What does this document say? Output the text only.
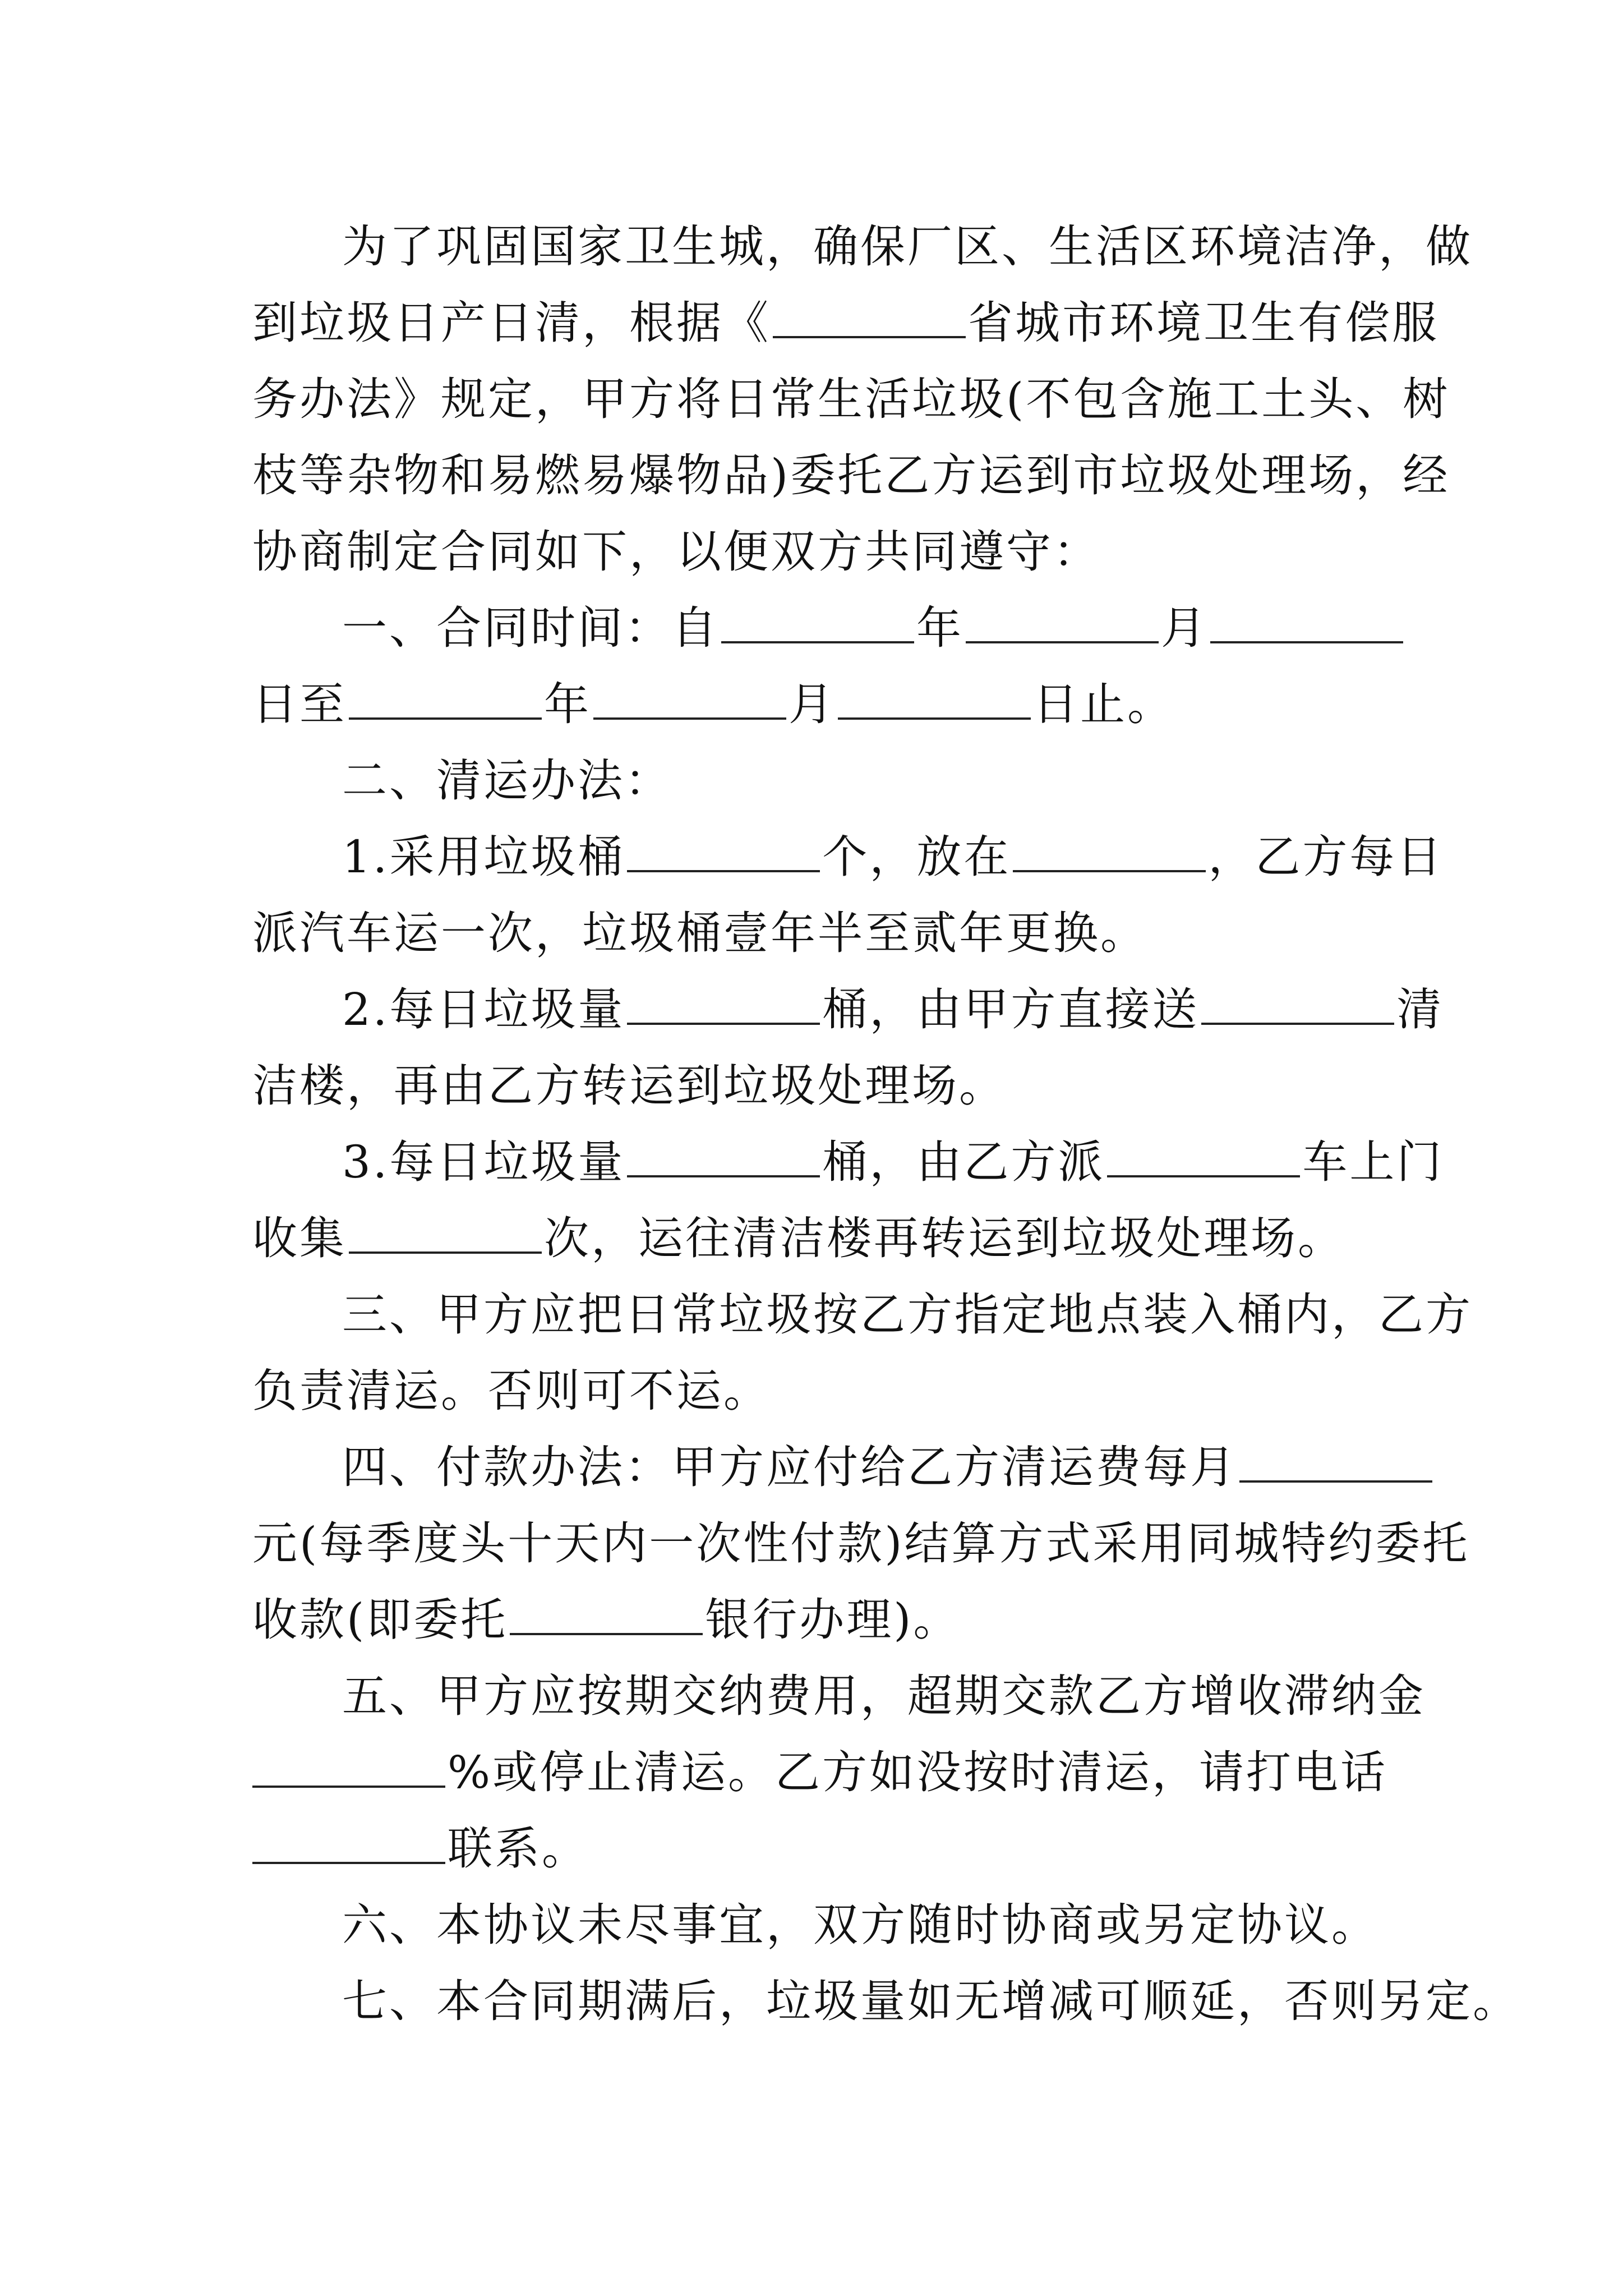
为了巩固国家卫生城，确保厂区、生活区环境洁净，做
到垃圾日产日清，根据《	省城市环境卫生有偿服
务办法》规定，甲方将日常生活垃圾(不包含施工土头、树
枝等杂物和易燃易爆物品)委托乙方运到市垃圾处理场，经
协商制定合同如下，以便双方共同遵守：
一、合同时间：自	年	月
日至	年	月	日止。
二、清运办法：
1.采用垃圾桶	个，放在	，乙方每日
派汽车运一次，垃圾桶壹年半至贰年更换。
2.每日垃圾量	桶，由甲方直接送	清
洁楼，再由乙方转运到垃圾处理场。
3.每日垃圾量	桶，由乙方派	车上门
收集	次，运往清洁楼再转运到垃圾处理场。
三、甲方应把日常垃圾按乙方指定地点装入桶内，乙方
负责清运。否则可不运。
四、付款办法：甲方应付给乙方清运费每月
元(每季度头十天内一次性付款)结算方式采用同城特约委托
收款(即委托	银行办理)。
五、甲方应按期交纳费用，超期交款乙方增收滞纳金
%或停止清运。乙方如没按时清运，请打电话
联系。
六、本协议未尽事宜，双方随时协商或另定协议。
七、本合同期满后，垃圾量如无增减可顺延，否则另定。
